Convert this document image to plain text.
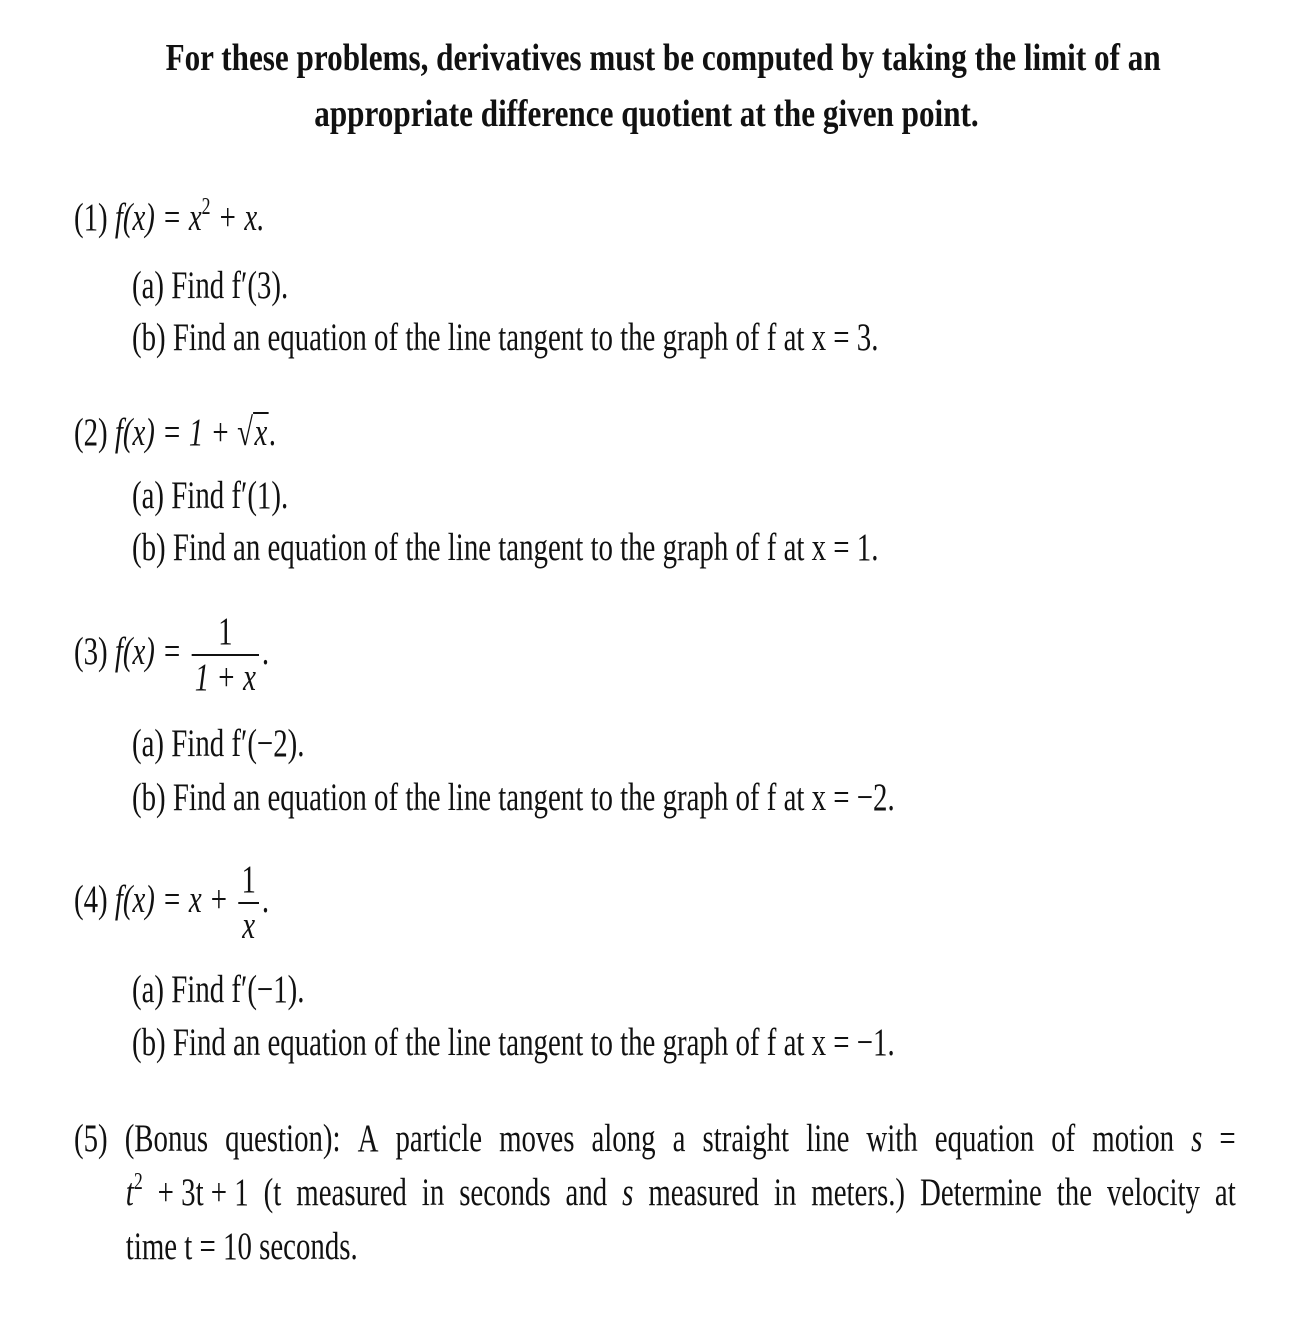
For these problems, derivatives must be computed by taking the limit of an
appropriate difference quotient at the given point.
(1) $f(x) = x^2 + x$.
(a) Find f′(3).
(b) Find an equation of the line tangent to the graph of f at x = 3.
(2) f(x) = 1 + √x.
(a) Find f′(1).
(b) Find an equation of the line tangent to the graph of f at x = 1.
(3) $f(x) = \frac{1}{1 + x}$ .
(a) Find f′(−2).
(b) Find an equation of the line tangent to the graph of f at x = −2.
(4) $f(x) = x + \frac{1}{x}$ .
(a) Find f′(−1).
(b) Find an equation of the line tangent to the graph of f at x = −1.
(5) (Bonus question): A particle moves along a straight line with equation of motion s =
$t^2 + 3t + 1$ (t measured in seconds and s measured in meters.) Determine the velocity at
time t = 10 seconds.
